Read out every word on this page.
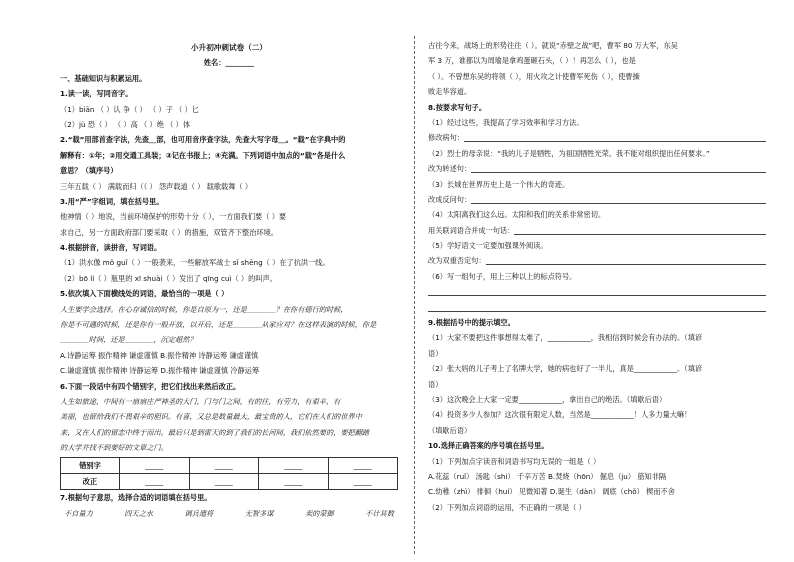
小升初冲刺试卷（二）
姓名：________
一、基础知识与积累运用。
1.读一读，写同音字。
（1）biān （ ）认 争（ ） （ ）子 （ ）匕
（2）jù 恐（ ） （ ）高 （ ）绝 （ ）体
2.“载”用部首查字法，先查＿部，也可用音序查字法，先查大写字母＿。“载”在字典中的
解释有：①年；②用交通工具装；③记在书报上；④充满。下列词语中加点的“载”各是什么
意思？（填序号）
三年五载（ ） 满载而归（（ ） 怨声载道（ ） 载歌载舞（ ）
3.用“严”字组词，填在括号里。
他神情（ ）地说，当前环境保护的形势十分（ ），一方面我们要（ ）要
求自己，另一方面政府部门要采取（ ）的措施，双管齐下整治环境。
4.根据拼音，读拼音，写词语。
（1）洪水像 mǒ guǐ（ ）一般袭来，一些解放军战士 sǐ shēng（ ）在了抗洪一线。
（2）bō lí（ ）瓶里的 xī shuài（ ）发出了 qīng cuì（ ）的叫声。
5.依次填入下面横线处的词语，最恰当的一项是（ ）
人生要学会选择。在心存诚信的时候，你是自原为一，还是＿＿＿＿？在你有德行的时候，
你是不可遇的时候，还是你有一般开放，以开后，还是＿＿＿＿从家应对？在这样表演的时候，你是
＿＿＿＿时间，还是＿＿＿＿，沉定超然？
A.诗静运筹 振作精神 谦虚谨慎 B.振作精神 诗静运筹 谦虚谨慎
C.谦虚谨慎 振作精神 诗静运筹 D.振作精神 谦虚谨慎 冷静运筹
6.下面一段话中有四个错别字，把它们找出来然后改正。
人生如旅途，中间有一扇扇庄严神圣的大门，门与门之间，有的往，有劳力，有艰辛，有
美丽，也留给我们不畏艰辛的胆识。有喜，又总是数量最大，最宝贵的人，它们在人们的世界中
来，又在人们的留恋中终于而出。最后只是到雷天的到了我们的长河间，我们依然要的，要把翻踏
的大学并找不到要好的文章之门。
错别字	_____	_____	_____	_____
改正	_____	_____	_____	_____
7.根据句子意思，选择合适的词语填在括号里。
不自量力	四天之水	调兵遣将	无智多谋	卖的蒙御	不计其数
古往今来，战场上的形势往往（ ）。就说“赤壁之战”吧，曹军 80 万大军，东吴
军 3 万，谁都以为周瑜是拿鸡蛋砸石头，（ ）！再怎么（ ），也是
（ ）。不曾想东吴的将领（ ），用火攻之计使曹军死伤（ ），使曹操
败走华容道。
8.按要求写句子。
（1）经过这些，我提高了学习效率和学习方法。
修改病句：
（2）烈士的母亲说：“我的儿子是牺牲，为祖国牺牲光荣。我不能对组织提出任何要求。”
改为转述句：
（3）长城在世界历史上是一个伟大的奇迹。
改成反问句：
（4）太阳离我们这么远。太阳和我们的关系非常密切。
用关联词语合并成一句话：
（5）学好语文一定要加强课外阅读。
改为双重否定句：
（6）写一组句子，用上三种以上的标点符号。
9.根据括号中的提示填空。
（1）大家不要把这件事想得太难了，____________，我相信到时候会有办法的。（填谚
语）
（2）张大妈的儿子考上了名牌大学，她的病也好了一半儿，真是____________。（填谚
语）
（3）这次晚会上大家一定要____________，拿出自己的绝活。（填歇后语）
（4）投资多少人参加？这次很有限定人数，当然是____________！人多力量大嘛！
（填歇后语）
10.选择正确答案的序号填在括号里。
（1）下列加点字读音和词语书写均无误的一组是（ ）
A.花蕊（ruǐ） 汤匙（shi） 千辛万苦 B.焚烧（hōn） 倔息（ju） 筋知非隔
C.幼稚（zhì） 徘徊（huí） 见微知著 D.诞生（dàn） 阔底（chǒ） 楔而不舍
（2）下列加点词语的运用，不正确的一项是（ ）
